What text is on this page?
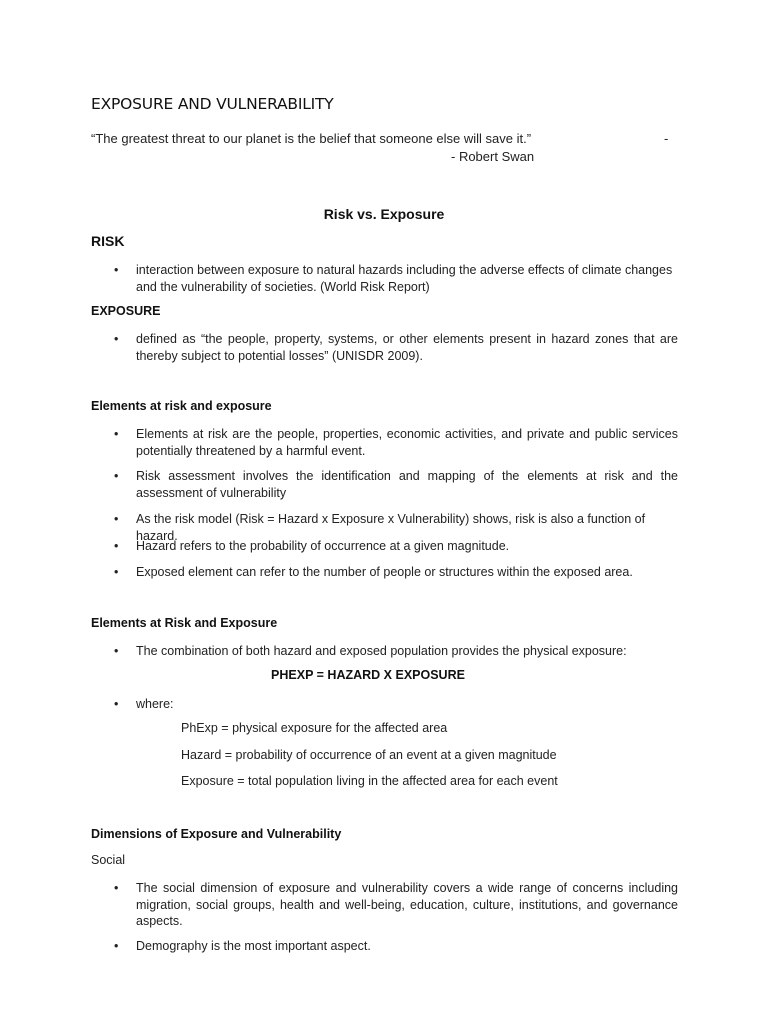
EXPOSURE AND VULNERABILITY
“The greatest threat to our planet is the belief that someone else will save it.”	-
- Robert Swan
Risk vs. Exposure
RISK
•	interaction between exposure to natural hazards including the adverse effects of climate changes and the vulnerability of societies. (World Risk Report)
EXPOSURE
•	defined as “the people, property, systems, or other elements present in hazard zones that are thereby subject to potential losses” (UNISDR 2009).
Elements at risk and exposure
•	Elements at risk are the people, properties, economic activities, and private and public services potentially threatened by a harmful event.
•	Risk assessment involves the identification and mapping of the elements at risk and the assessment of vulnerability
•	As the risk model (Risk = Hazard x Exposure x Vulnerability) shows, risk is also a function of hazard.
•	Hazard refers to the probability of occurrence at a given magnitude.
•	Exposed element can refer to the number of people or structures within the exposed area.
Elements at Risk and Exposure
•	The combination of both hazard and exposed population provides the physical exposure:
PHEXP = HAZARD X EXPOSURE
•	where:
PhExp = physical exposure for the affected area
Hazard = probability of occurrence of an event at a given magnitude
Exposure = total population living in the affected area for each event
Dimensions of Exposure and Vulnerability
Social
•	The social dimension of exposure and vulnerability covers a wide range of concerns including migration, social groups, health and well-being, education, culture, institutions, and governance aspects.
•	Demography is the most important aspect.
